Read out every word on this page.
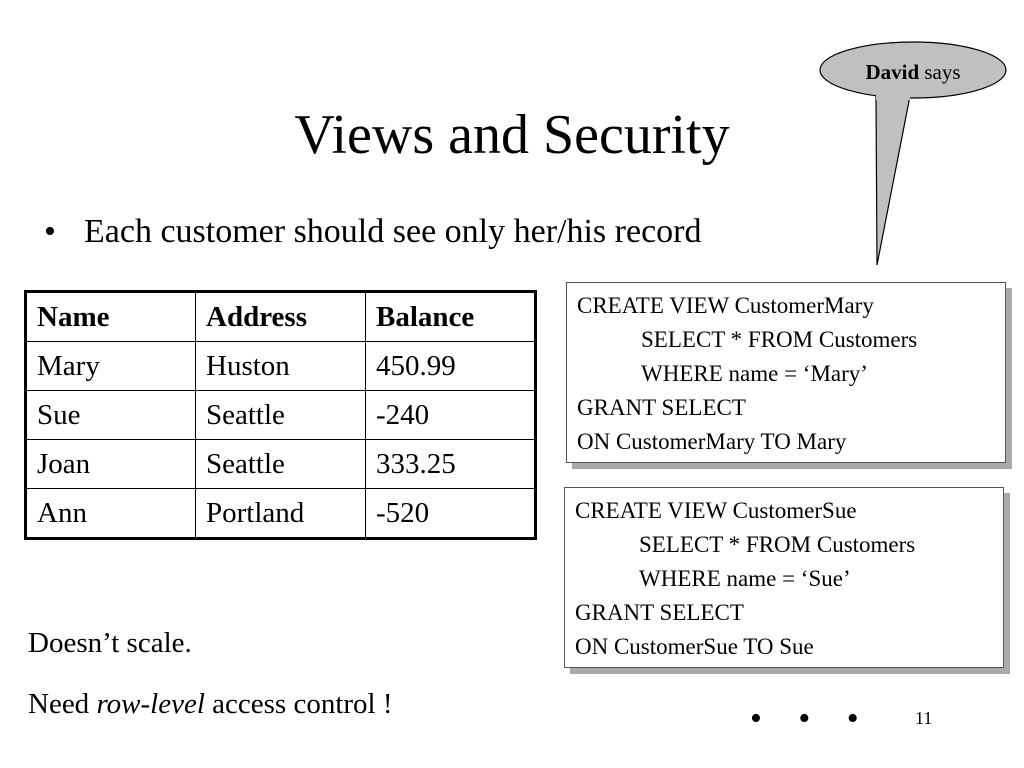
David says
Views and Security
• Each customer should see only her/his record
Name	Address	Balance
Mary	Huston	450.99
Sue	Seattle	-240
Joan	Seattle	333.25
Ann	Portland	-520
CREATE VIEW CustomerMary
SELECT * FROM Customers
WHERE name = ‘Mary’
GRANT SELECT
ON CustomerMary TO Mary
CREATE VIEW CustomerSue
SELECT * FROM Customers
WHERE name = ‘Sue’
GRANT SELECT
ON CustomerSue TO Sue
Doesn’t scale.
Need row-level access control !	• • • 11
